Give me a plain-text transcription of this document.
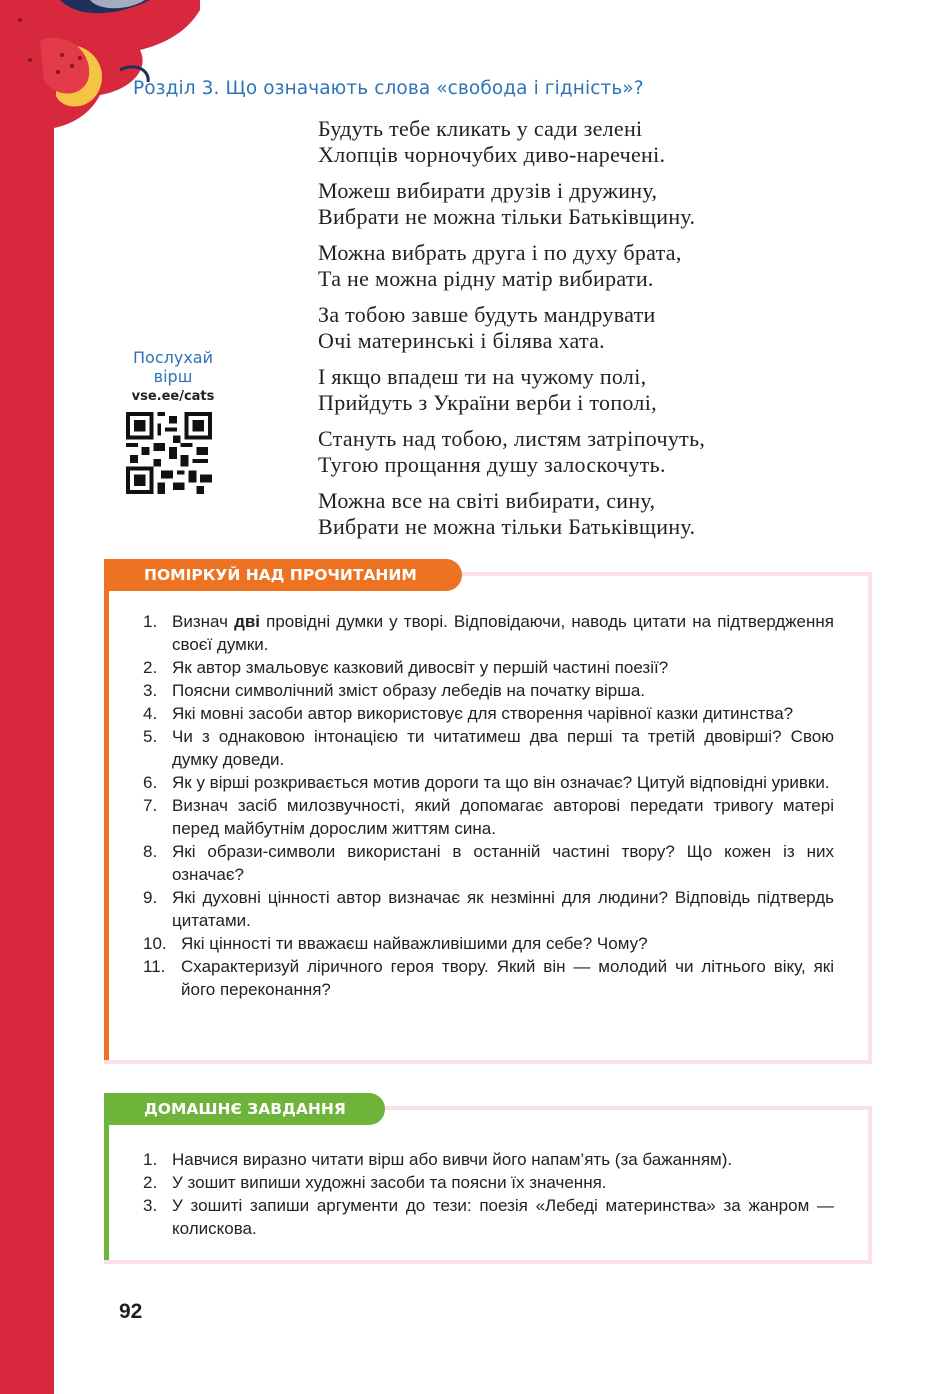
Розділ 3. Що означають слова «свобода і гідність»?
Будуть тебе кликать у сади зелені
Хлопців чорночубих диво-наречені.
Можеш вибирати друзів і дружину,
Вибрати не можна тільки Батьківщину.
Можна вибрать друга і по духу брата,
Та не можна рідну матір вибирати.
За тобою завше будуть мандрувати
Очі материнські і білява хата.
І якщо впадеш ти на чужому полі,
Прийдуть з України верби і тополі,
Стануть над тобою, листям затріпочуть,
Тугою прощання душу залоскочуть.
Можна все на світі вибирати, сину,
Вибрати не можна тільки Батьківщину.
Послухай
вірш
vse.ee/cats
ПОМІРКУЙ НАД ПРОЧИТАНИМ
1. Визнач дві провідні думки у творі. Відповідаючи, наводь цитати на підтвердження своєї думки.
2. Як автор змальовує казковий дивосвіт у першій частині поезії?
3. Поясни символічний зміст образу лебедів на початку вірша.
4. Які мовні засоби автор використовує для створення чарівної казки дитинства?
5. Чи з однаковою інтонацією ти читатимеш два перші та третій двовірші? Свою думку доведи.
6. Як у вірші розкривається мотив дороги та що він означає? Цитуй відповідні уривки.
7. Визнач засіб милозвучності, який допомагає авторові передати тривогу матері перед майбутнім дорослим життям сина.
8. Які образи-символи використані в останній частині твору? Що кожен із них означає?
9. Які духовні цінності автор визначає як незмінні для людини? Відповідь підтвердь цитатами.
10. Які цінності ти вважаєш найважливішими для себе? Чому?
11. Схарактеризуй ліричного героя твору. Який він — молодий чи літнього віку, які його переконання?
ДОМАШНЄ ЗАВДАННЯ
1. Навчися виразно читати вірш або вивчи його напам’ять (за бажанням).
2. У зошит випиши художні засоби та поясни їх значення.
3. У зошиті запиши аргументи до тези: поезія «Лебеді материнства» за жанром — колискова.
92
